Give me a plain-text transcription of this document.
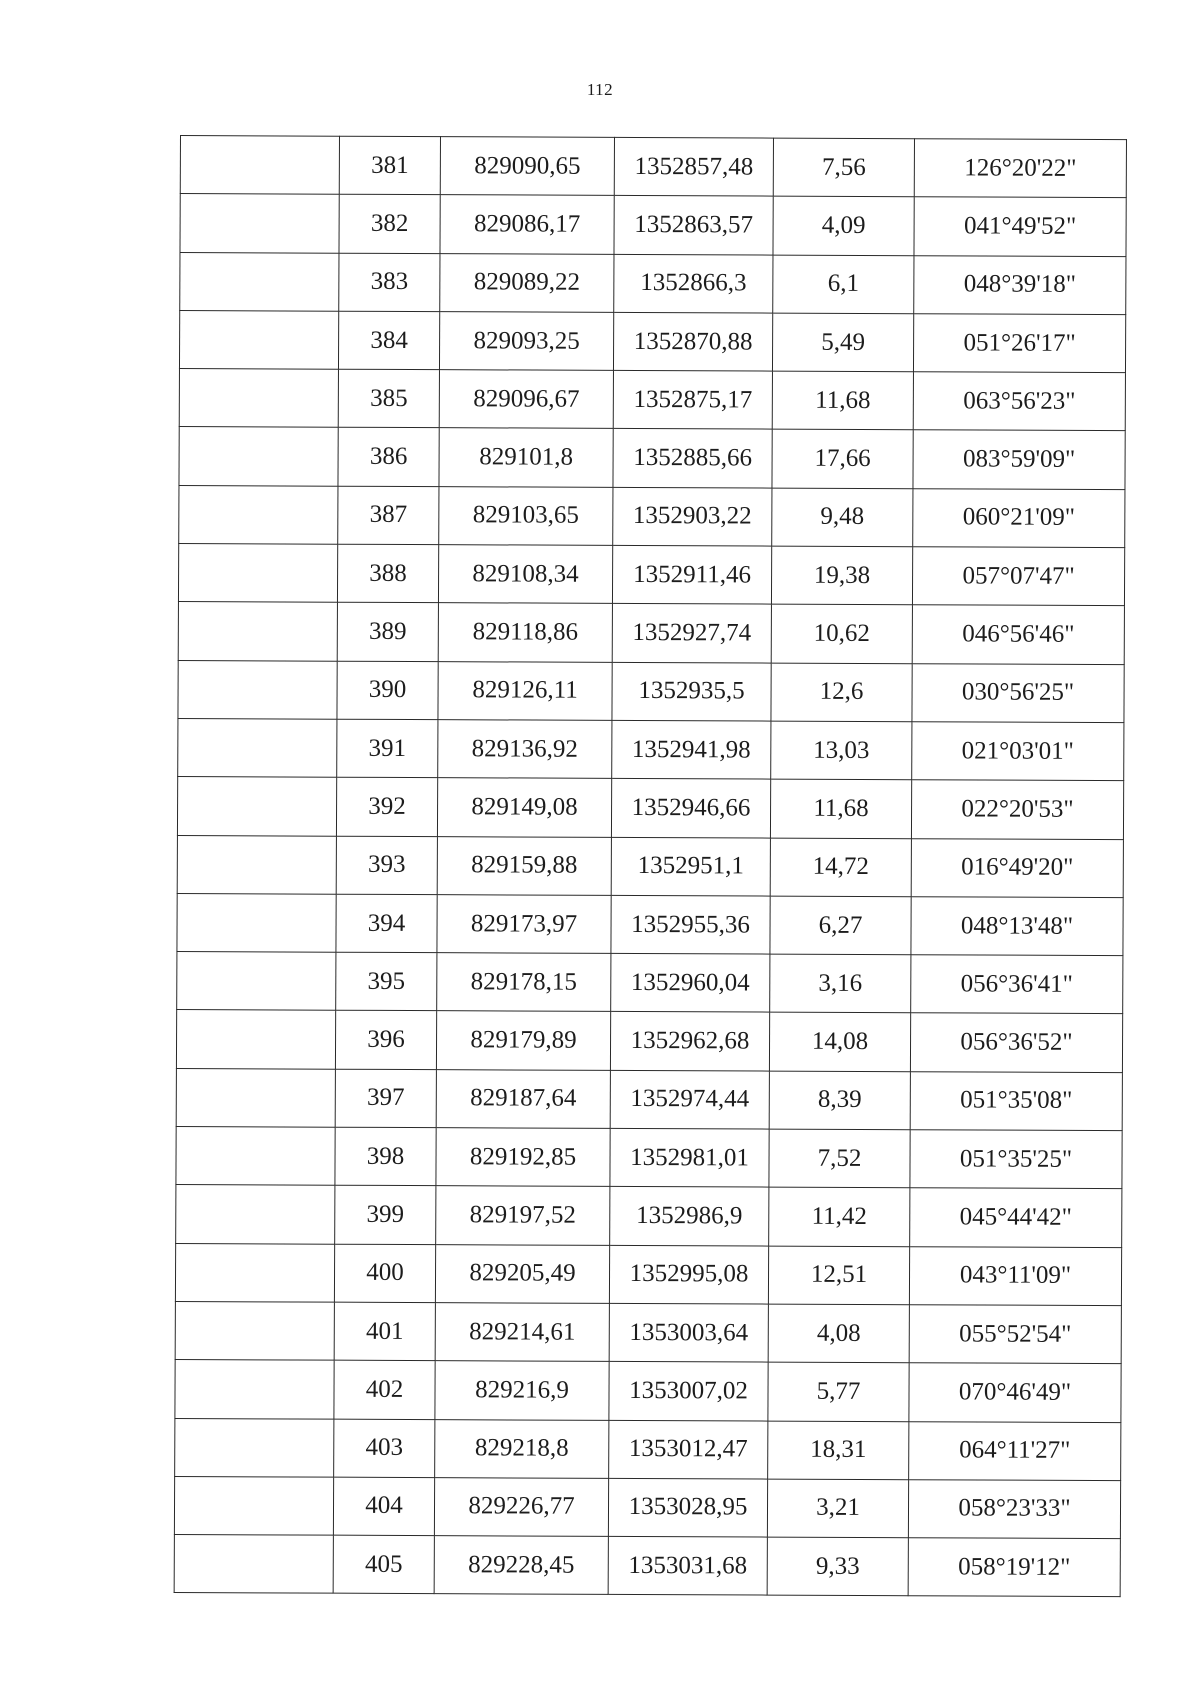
112
	381	829090,65	1352857,48	7,56	126°20'22"
	382	829086,17	1352863,57	4,09	041°49'52"
	383	829089,22	1352866,3	6,1	048°39'18"
	384	829093,25	1352870,88	5,49	051°26'17"
	385	829096,67	1352875,17	11,68	063°56'23"
	386	829101,8	1352885,66	17,66	083°59'09"
	387	829103,65	1352903,22	9,48	060°21'09"
	388	829108,34	1352911,46	19,38	057°07'47"
	389	829118,86	1352927,74	10,62	046°56'46"
	390	829126,11	1352935,5	12,6	030°56'25"
	391	829136,92	1352941,98	13,03	021°03'01"
	392	829149,08	1352946,66	11,68	022°20'53"
	393	829159,88	1352951,1	14,72	016°49'20"
	394	829173,97	1352955,36	6,27	048°13'48"
	395	829178,15	1352960,04	3,16	056°36'41"
	396	829179,89	1352962,68	14,08	056°36'52"
	397	829187,64	1352974,44	8,39	051°35'08"
	398	829192,85	1352981,01	7,52	051°35'25"
	399	829197,52	1352986,9	11,42	045°44'42"
	400	829205,49	1352995,08	12,51	043°11'09"
	401	829214,61	1353003,64	4,08	055°52'54"
	402	829216,9	1353007,02	5,77	070°46'49"
	403	829218,8	1353012,47	18,31	064°11'27"
	404	829226,77	1353028,95	3,21	058°23'33"
	405	829228,45	1353031,68	9,33	058°19'12"
